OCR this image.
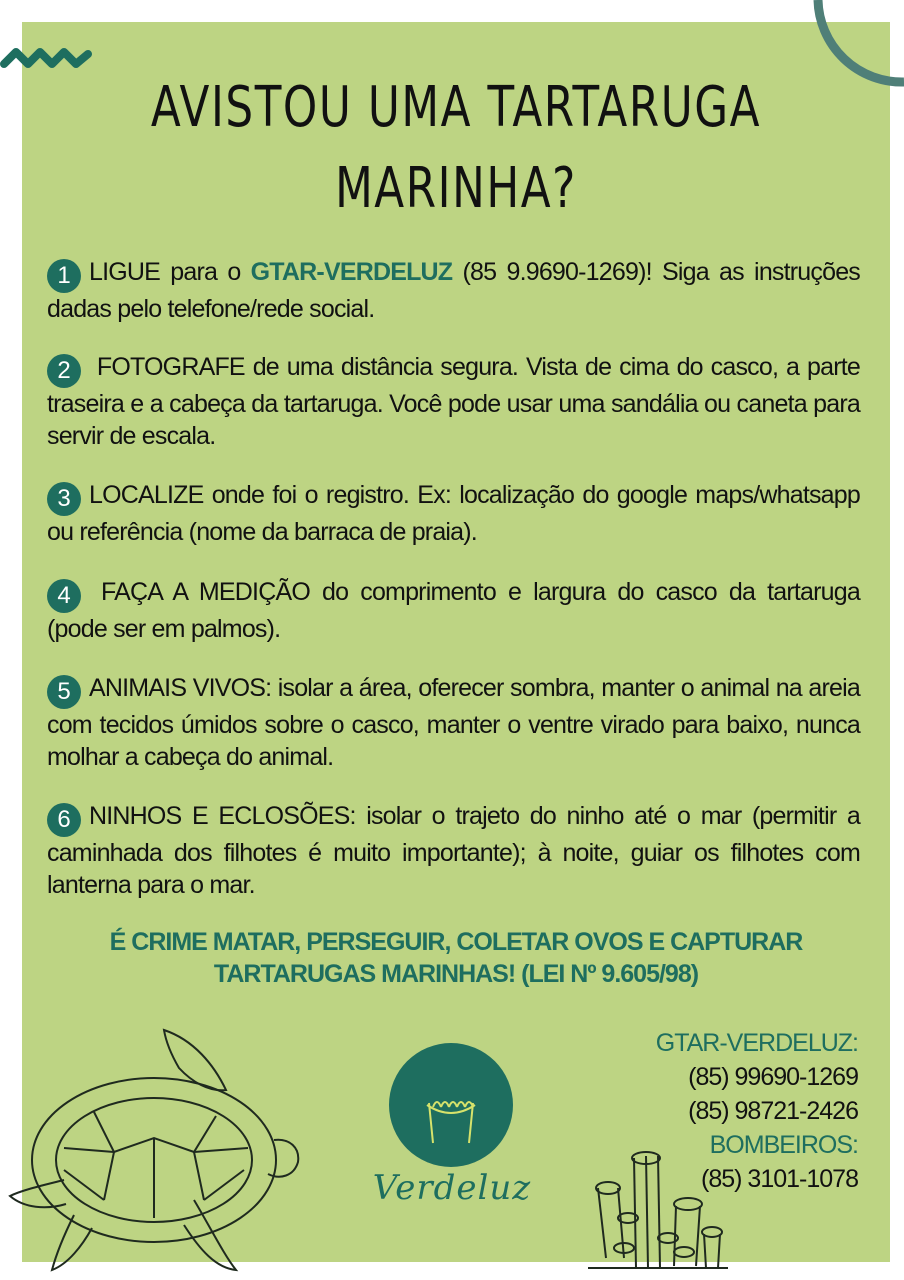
AVISTOU UMA TARTARUGA
MARINHA?
1 LIGUE para o GTAR-VERDELUZ (85 9.9690-1269)! Siga as instruções dadas pelo telefone/rede social.
2 FOTOGRAFE de uma distância segura. Vista de cima do casco, a parte traseira e a cabeça da tartaruga. Você pode usar uma sandália ou caneta para servir de escala.
3 LOCALIZE onde foi o registro. Ex: localização do google maps/whatsapp ou referência (nome da barraca de praia).
4 FAÇA A MEDIÇÃO do comprimento e largura do casco da tartaruga (pode ser em palmos).
5 ANIMAIS VIVOS: isolar a área, oferecer sombra, manter o animal na areia com tecidos úmidos sobre o casco, manter o ventre virado para baixo, nunca molhar a cabeça do animal.
6 NINHOS E ECLOSÕES: isolar o trajeto do ninho até o mar (permitir a caminhada dos filhotes é muito importante); à noite, guiar os filhotes com lanterna para o mar.
É CRIME MATAR, PERSEGUIR, COLETAR OVOS E CAPTURAR
TARTARUGAS MARINHAS! (LEI Nº 9.605/98)
Verdeluz
GTAR-VERDELUZ:
(85) 99690-1269
(85) 98721-2426
BOMBEIROS:
(85) 3101-1078
